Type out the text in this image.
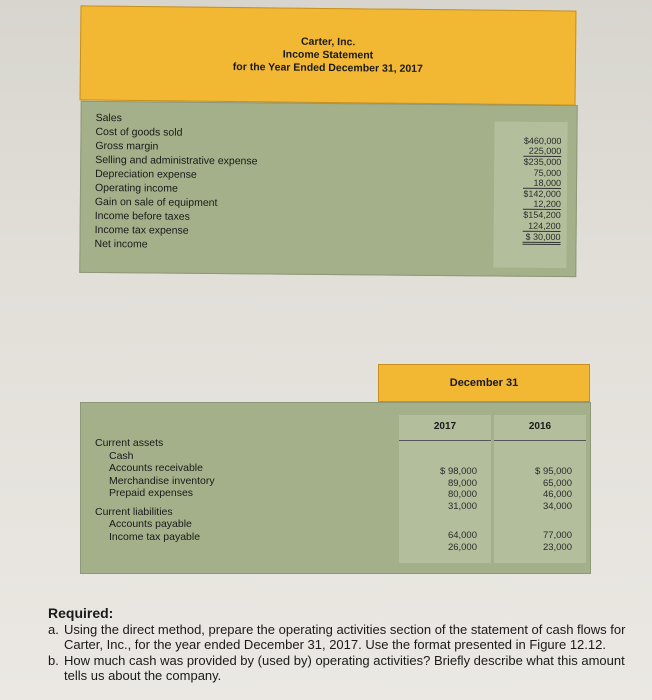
Carter, Inc.
Income Statement
for the Year Ended December 31, 2017
Sales
Cost of goods sold
Gross margin
Selling and administrative expense
Depreciation expense
Operating income
Gain on sale of equipment
Income before taxes
Income tax expense
Net income
$460,000
225,000
$235,000
75,000
18,000
$142,000
12,200
$154,200
124,200
$ 30,000
December 31
2017
$ 98,000
89,000
80,000
31,000
64,000
26,000
2016
$ 95,000
65,000
46,000
34,000
77,000
23,000
Current assets
Cash
Accounts receivable
Merchandise inventory
Prepaid expenses
Current liabilities
Accounts payable
Income tax payable
Required:
a. Using the direct method, prepare the operating activities section of the statement of cash flows for Carter, Inc., for the year ended December 31, 2017. Use the format presented in Figure 12.12.
b. How much cash was provided by (used by) operating activities? Briefly describe what this amount tells us about the company.
